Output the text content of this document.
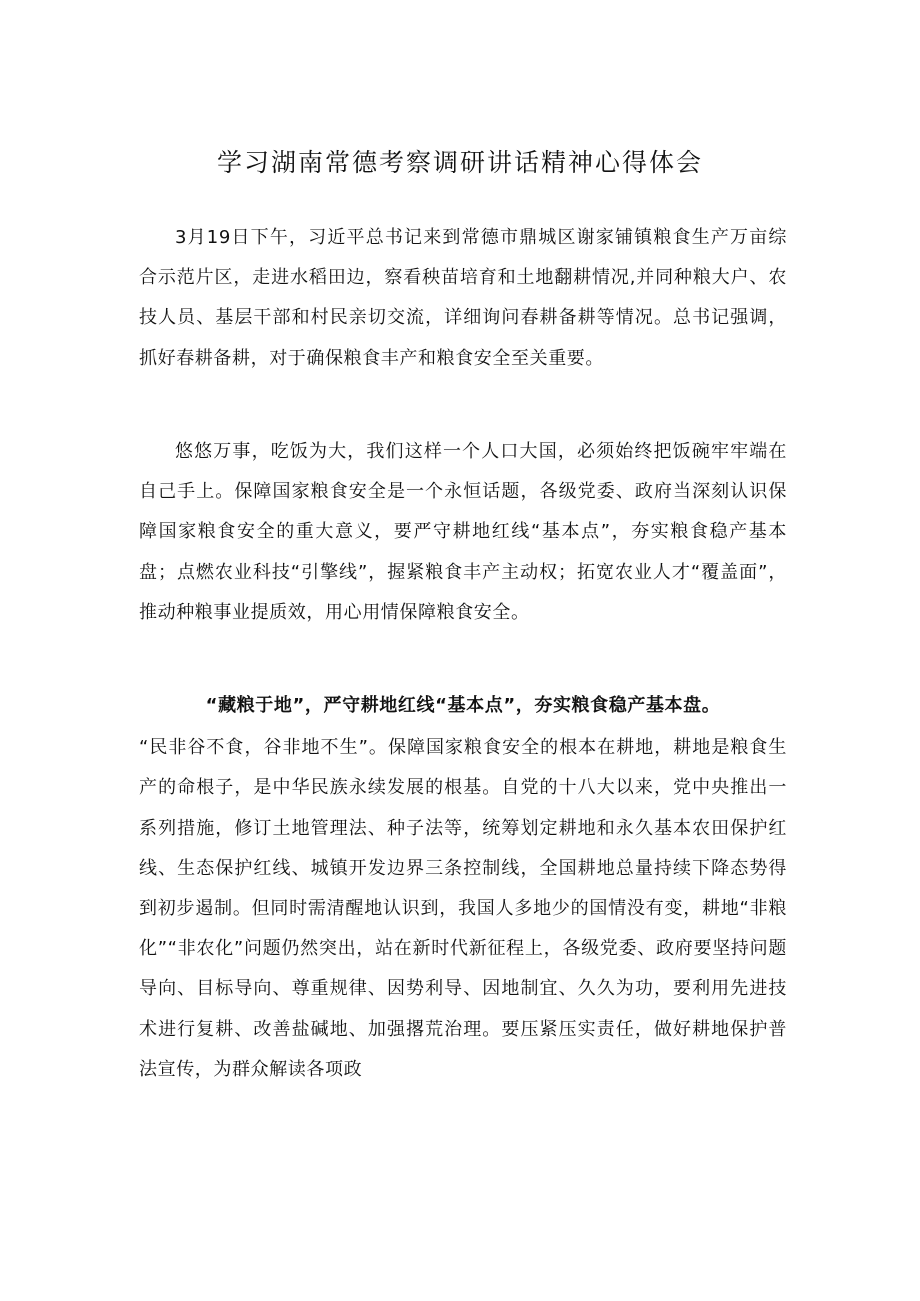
学习湖南常德考察调研讲话精神心得体会

3月19日下午，习近平总书记来到常德市鼎城区谢家铺镇粮食生产万亩综合示范片区，走进水稻田边，察看秧苗培育和土地翻耕情况,并同种粮大户、农技人员、基层干部和村民亲切交流，详细询问春耕备耕等情况。总书记强调，抓好春耕备耕，对于确保粮食丰产和粮食安全至关重要。

悠悠万事，吃饭为大，我们这样一个人口大国，必须始终把饭碗牢牢端在自己手上。保障国家粮食安全是一个永恒话题，各级党委、政府当深刻认识保障国家粮食安全的重大意义，要严守耕地红线“基本点”，夯实粮食稳产基本盘；点燃农业科技“引擎线”，握紧粮食丰产主动权；拓宽农业人才“覆盖面”，推动种粮事业提质效，用心用情保障粮食安全。

“藏粮于地”，严守耕地红线“基本点”，夯实粮食稳产基本盘。 “民非谷不食，谷非地不生”。保障国家粮食安全的根本在耕地，耕地是粮食生产的命根子，是中华民族永续发展的根基。自党的十八大以来，党中央推出一系列措施，修订土地管理法、种子法等，统筹划定耕地和永久基本农田保护红线、生态保护红线、城镇开发边界三条控制线，全国耕地总量持续下降态势得到初步遏制。但同时需清醒地认识到，我国人多地少的国情没有变，耕地“非粮化”“非农化”问题仍然突出，站在新时代新征程上，各级党委、政府要坚持问题导向、目标导向、尊重规律、因势利导、因地制宜、久久为功，要利用先进技术进行复耕、改善盐碱地、加强撂荒治理。要压紧压实责任，做好耕地保护普法宣传，为群众解读各项政
